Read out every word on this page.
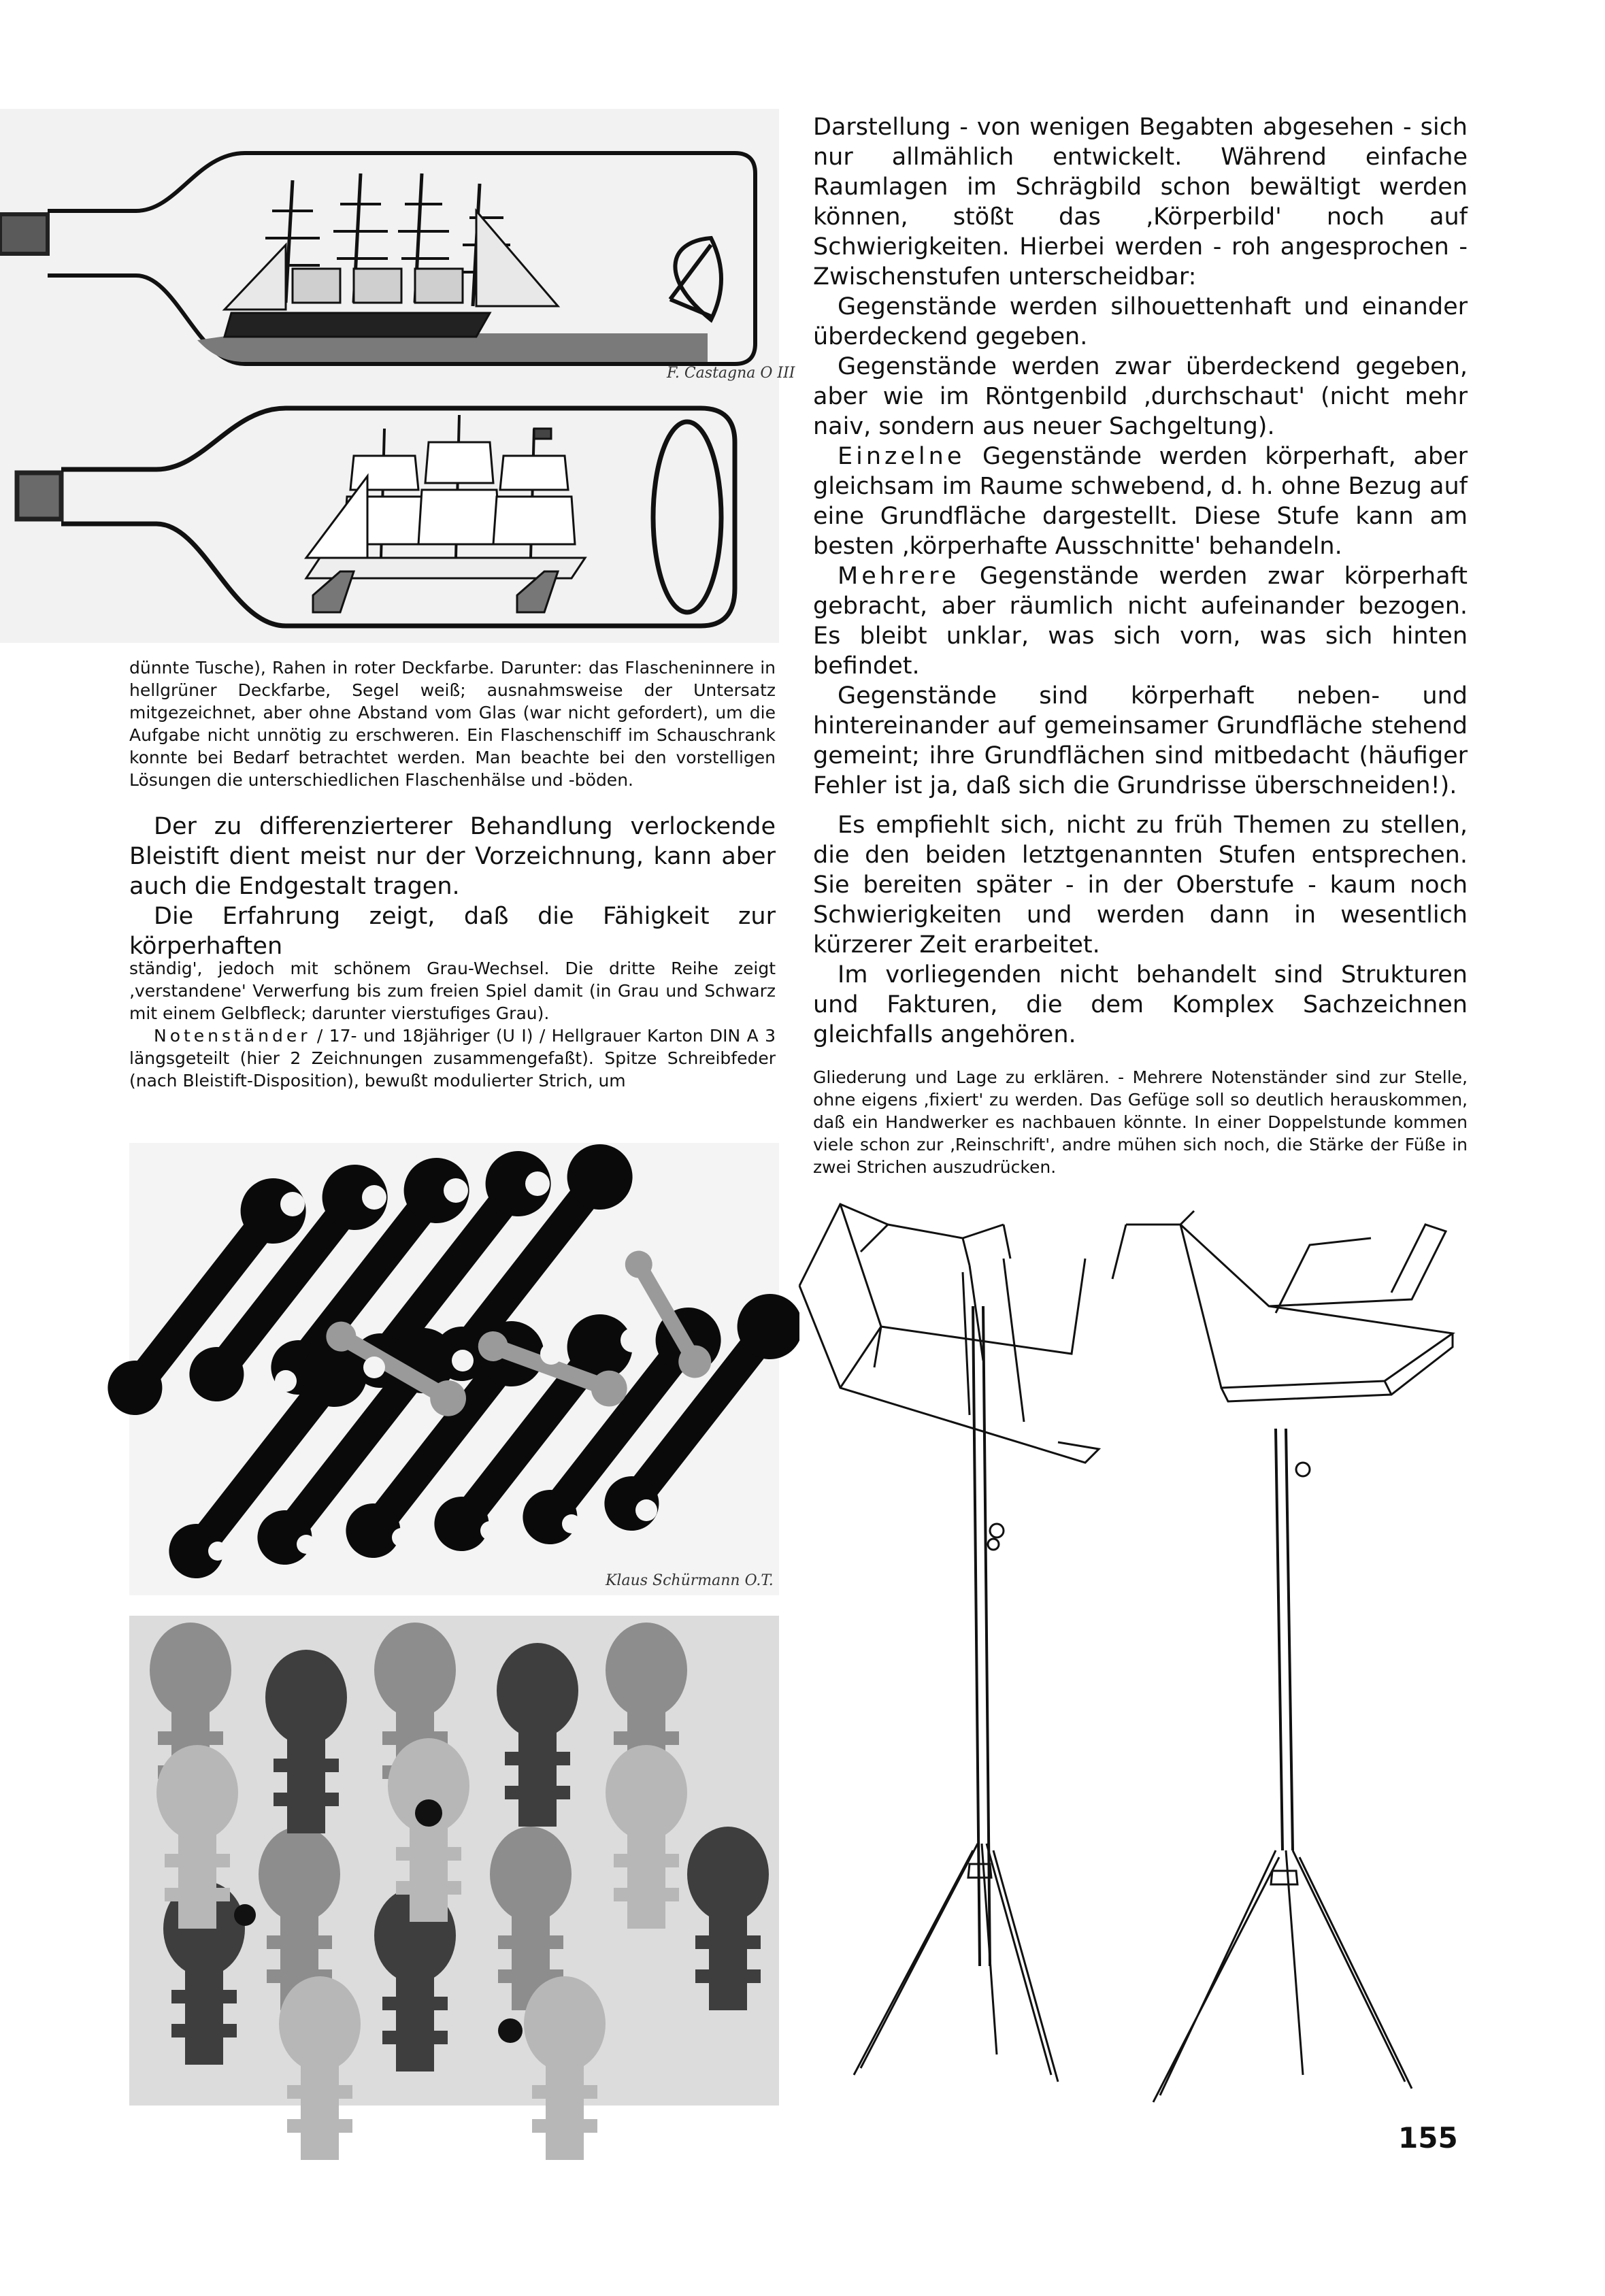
F. Castagna O III

dünnte Tusche), Rahen in roter Deckfarbe. Darunter: das Flascheninnere in hellgrüner Deckfarbe, Segel weiß; ausnahmsweise der Untersatz mitgezeichnet, aber ohne Abstand vom Glas (war nicht gefordert), um die Aufgabe nicht unnötig zu erschweren. Ein Flaschenschiff im Schauschrank konnte bei Bedarf betrachtet werden. Man beachte bei den vorstelligen Lösungen die unterschiedlichen Flaschenhälse und -böden.

Der zu differenzierterer Behandlung verlockende Bleistift dient meist nur der Vorzeichnung, kann aber auch die Endgestalt tragen.

Die Erfahrung zeigt, daß die Fähigkeit zur körperhaften

ständig', jedoch mit schönem Grau-Wechsel. Die dritte Reihe zeigt ‚verstandene' Verwerfung bis zum freien Spiel damit (in Grau und Schwarz mit einem Gelbfleck; darunter vierstufiges Grau).

Notenständer / 17- und 18jähriger (U I) / Hellgrauer Karton DIN A 3 längsgeteilt (hier 2 Zeichnungen zusammengefaßt). Spitze Schreibfeder (nach Bleistift-Disposition), bewußt modulierter Strich, um

Darstellung - von wenigen Begabten abgesehen - sich nur allmählich entwickelt. Während einfache Raumlagen im Schrägbild schon bewältigt werden können, stößt das ‚Körperbild' noch auf Schwierigkeiten. Hierbei werden - roh angesprochen - Zwischenstufen unterscheidbar:

Gegenstände werden silhouettenhaft und einander überdeckend gegeben.

Gegenstände werden zwar überdeckend gegeben, aber wie im Röntgenbild ‚durchschaut' (nicht mehr naiv, sondern aus neuer Sachgeltung).

Einzelne Gegenstände werden körperhaft, aber gleichsam im Raume schwebend, d. h. ohne Bezug auf eine Grundfläche dargestellt. Diese Stufe kann am besten ‚körperhafte Ausschnitte' behandeln.

Mehrere Gegenstände werden zwar körperhaft gebracht, aber räumlich nicht aufeinander bezogen. Es bleibt unklar, was sich vorn, was sich hinten befindet.

Gegenstände sind körperhaft neben- und hintereinander auf gemeinsamer Grundfläche stehend gemeint; ihre Grundflächen sind mitbedacht (häufiger Fehler ist ja, daß sich die Grundrisse überschneiden!).

Es empfiehlt sich, nicht zu früh Themen zu stellen, die den beiden letztgenannten Stufen entsprechen. Sie bereiten später - in der Oberstufe - kaum noch Schwierigkeiten und werden dann in wesentlich kürzerer Zeit erarbeitet.

Im vorliegenden nicht behandelt sind Strukturen und Fakturen, die dem Komplex Sachzeichnen gleichfalls angehören.

Gliederung und Lage zu erklären. - Mehrere Notenständer sind zur Stelle, ohne eigens ‚fixiert' zu werden. Das Gefüge soll so deutlich herauskommen, daß ein Handwerker es nachbauen könnte. In einer Doppelstunde kommen viele schon zur ‚Reinschrift', andre mühen sich noch, die Stärke der Füße in zwei Strichen auszudrücken.

Klaus Schürmann O.T.
155
